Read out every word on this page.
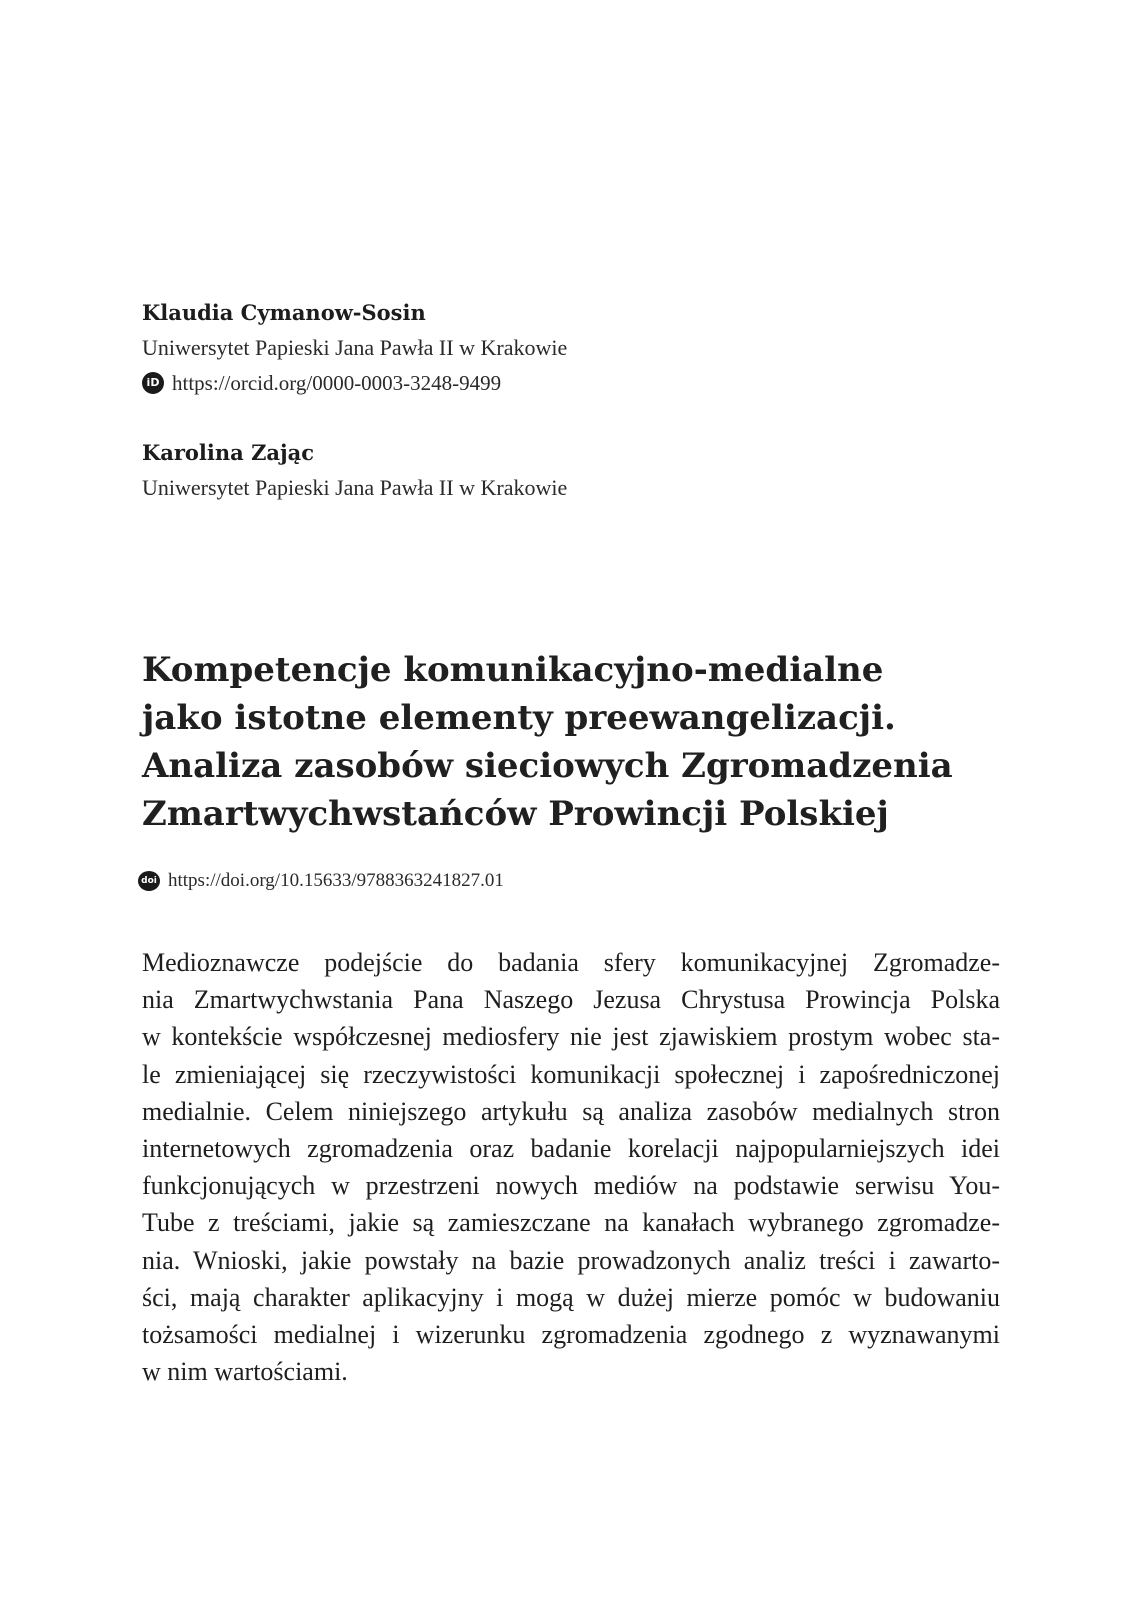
Klaudia Cymanow-Sosin

Uniwersytet Papieski Jana Pawła II w Krakowie

iD https://orcid.org/0000-0003-3248-9499

Karolina Zając

Uniwersytet Papieski Jana Pawła II w Krakowie

Kompetencje komunikacyjno-medialne
jako istotne elementy preewangelizacji.
Analiza zasobów sieciowych Zgromadzenia
Zmartwychwstańców Prowincji Polskiej
doi https://doi.org/10.15633/9788363241827.01
Medioznawcze podejście do badania sfery komunikacyjnej Zgromadze-
nia Zmartwychwstania Pana Naszego Jezusa Chrystusa Prowincja Polska
w kontekście współczesnej mediosfery nie jest zjawiskiem prostym wobec sta-
le zmieniającej się rzeczywistości komunikacji społecznej i zapośredniczonej
medialnie. Celem niniejszego artykułu są analiza zasobów medialnych stron
internetowych zgromadzenia oraz badanie korelacji najpopularniejszych idei
funkcjonujących w przestrzeni nowych mediów na podstawie serwisu You-
Tube z treściami, jakie są zamieszczane na kanałach wybranego zgromadze-
nia. Wnioski, jakie powstały na bazie prowadzonych analiz treści i zawarto-
ści, mają charakter aplikacyjny i mogą w dużej mierze pomóc w budowaniu
tożsamości medialnej i wizerunku zgromadzenia zgodnego z wyznawanymi
w nim wartościami.
